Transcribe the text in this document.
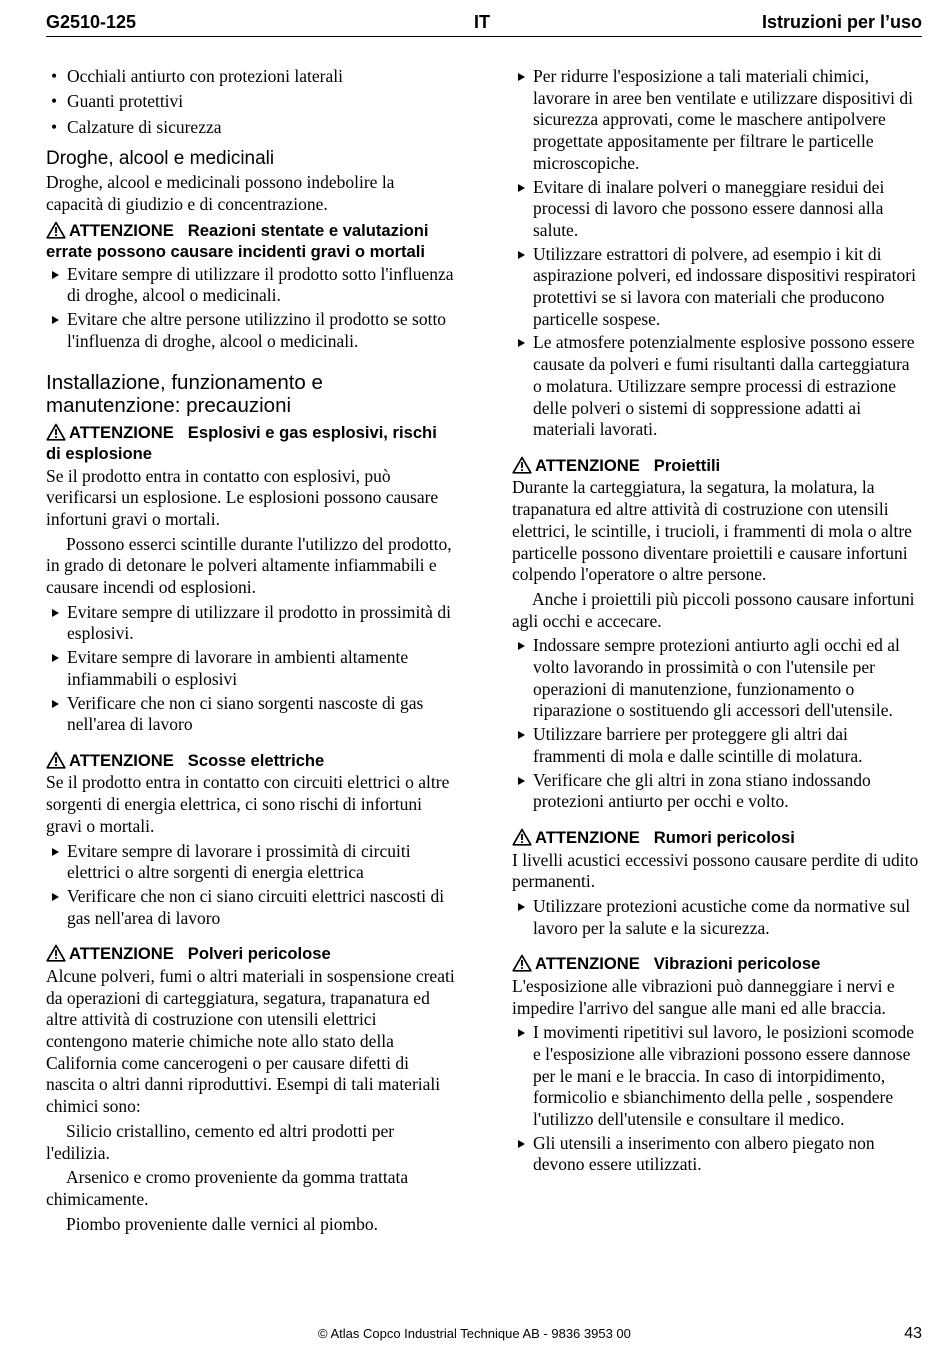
G2510-125	IT	Istruzioni per l’uso
• Occhiali antiurto con protezioni laterali
• Guanti protettivi
• Calzature di sicurezza
Droghe, alcool e medicinali

Droghe, alcool e medicinali possono indebolire la capacità di giudizio e di concentrazione.

ATTENZIONE Reazioni stentate e valutazioni errate possono causare incidenti gravi o mortali
Evitare sempre di utilizzare il prodotto sotto l'influenza di droghe, alcool o medicinali.
Evitare che altre persone utilizzino il prodotto se sotto l'influenza di droghe, alcool o medicinali.
Installazione, funzionamento e manutenzione: precauzioni
ATTENZIONE Esplosivi e gas esplosivi, rischi di esplosione

Se il prodotto entra in contatto con esplosivi, può verificarsi un esplosione. Le esplosioni possono causare infortuni gravi o mortali.

Possono esserci scintille durante l'utilizzo del prodotto, in grado di detonare le polveri altamente infiammabili e causare incendi od esplosioni.

Evitare sempre di utilizzare il prodotto in prossimità di esplosivi.
Evitare sempre di lavorare in ambienti altamente infiammabili o esplosivi
Verificare che non ci siano sorgenti nascoste di gas nell'area di lavoro
ATTENZIONE Scosse elettriche

Se il prodotto entra in contatto con circuiti elettrici o altre sorgenti di energia elettrica, ci sono rischi di infortuni gravi o mortali.

Evitare sempre di lavorare i prossimità di circuiti elettrici o altre sorgenti di energia elettrica
Verificare che non ci siano circuiti elettrici nascosti di gas nell'area di lavoro
ATTENZIONE Polveri pericolose

Alcune polveri, fumi o altri materiali in sospensione creati da operazioni di carteggiatura, segatura, trapanatura ed altre attività di costruzione con utensili elettrici contengono materie chimiche note allo stato della California come cancerogeni o per causare difetti di nascita o altri danni riproduttivi. Esempi di tali materiali chimici sono:

Silicio cristallino, cemento ed altri prodotti per l'edilizia.

Arsenico e cromo proveniente da gomma trattata chimicamente.

Piombo proveniente dalle vernici al piombo.

Per ridurre l'esposizione a tali materiali chimici, lavorare in aree ben ventilate e utilizzare dispositivi di sicurezza approvati, come le maschere antipolvere progettate appositamente per filtrare le particelle microscopiche.
Evitare di inalare polveri o maneggiare residui dei processi di lavoro che possono essere dannosi alla salute.
Utilizzare estrattori di polvere, ad esempio i kit di aspirazione polveri, ed indossare dispositivi respiratori protettivi se si lavora con materiali che producono particelle sospese.
Le atmosfere potenzialmente esplosive possono essere causate da polveri e fumi risultanti dalla carteggiatura o molatura. Utilizzare sempre processi di estrazione delle polveri o sistemi di soppressione adatti ai materiali lavorati.
ATTENZIONE Proiettili

Durante la carteggiatura, la segatura, la molatura, la trapanatura ed altre attività di costruzione con utensili elettrici, le scintille, i trucioli, i frammenti di mola o altre particelle possono diventare proiettili e causare infortuni colpendo l'operatore o altre persone.

Anche i proiettili più piccoli possono causare infortuni agli occhi e accecare.

Indossare sempre protezioni antiurto agli occhi ed al volto lavorando in prossimità o con l'utensile per operazioni di manutenzione, funzionamento o riparazione o sostituendo gli accessori dell'utensile.
Utilizzare barriere per proteggere gli altri dai frammenti di mola e dalle scintille di molatura.
Verificare che gli altri in zona stiano indossando protezioni antiurto per occhi e volto.
ATTENZIONE Rumori pericolosi

I livelli acustici eccessivi possono causare perdite di udito permanenti.

Utilizzare protezioni acustiche come da normative sul lavoro per la salute e la sicurezza.
ATTENZIONE Vibrazioni pericolose

L'esposizione alle vibrazioni può danneggiare i nervi e impedire l'arrivo del sangue alle mani ed alle braccia.

I movimenti ripetitivi sul lavoro, le posizioni scomode e l'esposizione alle vibrazioni possono essere dannose per le mani e le braccia. In caso di intorpidimento, formicolio e sbianchimento della pelle , sospendere l'utilizzo dell'utensile e consultare il medico.
Gli utensili a inserimento con albero piegato non devono essere utilizzati.
© Atlas Copco Industrial Technique AB - 9836 3953 00	43
